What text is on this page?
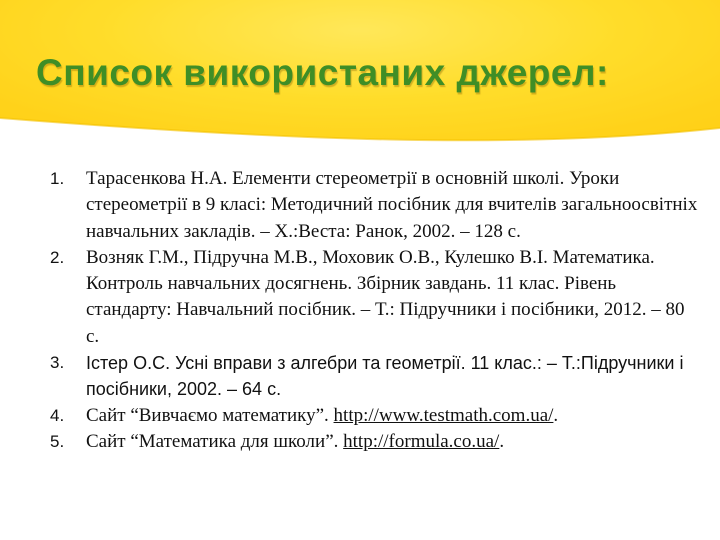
Список використаних джерел:
1.	Тарасенкова Н.А. Елементи стереометрії в основній школі. Уроки стереометрії в 9 класі: Методичний посібник для вчителів загальноосвітніх навчальних закладів. – Х.:Веста: Ранок, 2002. – 128 с.
2.	Возняк Г.М., Підручна М.В., Моховик О.В., Кулешко В.І. Математика. Контроль навчальних досягнень. Збірник завдань. 11 клас. Рівень стандарту: Навчальний посібник. – Т.: Підручники і посібники, 2012. – 80 с.
3.	Істер О.С. Усні вправи з алгебри та геометрії. 11 клас.: – Т.:Підручники і посібники, 2002. – 64 с.
4.	Сайт “Вивчаємо математику”. http://www.testmath.com.ua/.
5.	Сайт “Математика для школи”. http://formula.co.ua/.
